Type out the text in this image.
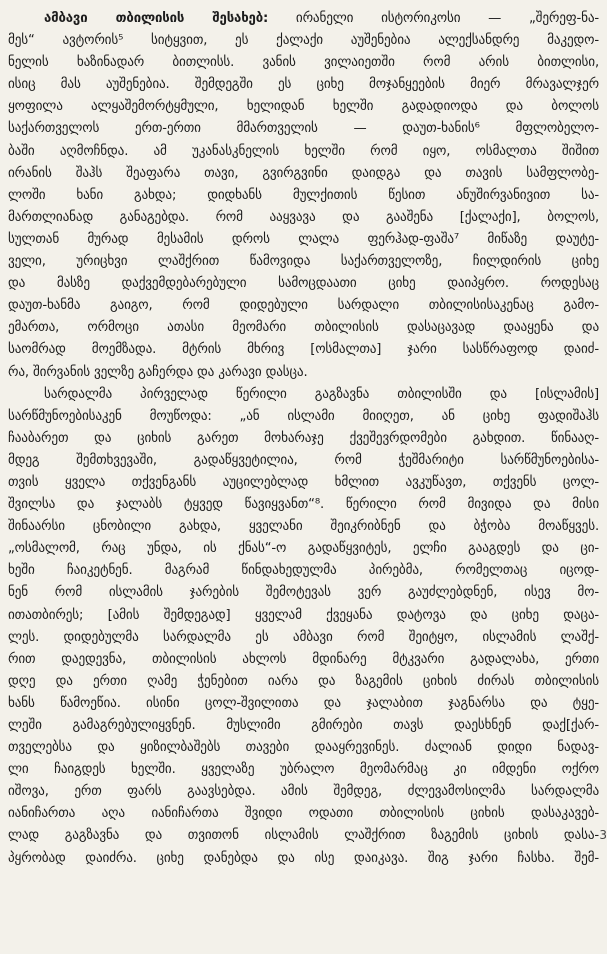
ამბავი თბილისის შესახებ: ირანელი ისტორიკოსი — „შერეფ-ნა-
მეს“ ავტორის⁵ სიტყვით, ეს ქალაქი აუშენებია ალექსანდრე მაკედო-
ნელის ხაზინადარ ბითლისს. ვანის ვილაიეთში რომ არის ბითლისი,
ისიც მას აუშენებია. შემდეგში ეს ციხე მოჯანყეების მიერ მრავალჯერ
ყოფილა ალყაშემორტყმული, ხელიდან ხელში გადადიოდა და ბოლოს
საქართველოს ერთ-ერთი მმართველის — დაუთ-ხანის⁶ მფლობელო-
ბაში აღმოჩნდა. ამ უკანასკნელის ხელში რომ იყო, ოსმალთა შიშით
ირანის შაჰს შეაფარა თავი, გვირგვინი დაიდგა და თავის სამფლობე-
ლოში ხანი გახდა; დიდხანს მულქითის წესით ანუშირვანივით სა-
მართლიანად განაგებდა. რომ ააყვავა და გააშენა [ქალაქი], ბოლოს,
სულთან მურად მესამის დროს ლალა ფერჰად-ფაშა⁷ მიწაზე დაუტე-
ველი, ურიცხვი ლაშქრით წამოვიდა საქართველოზე, ჩილდირის ციხე
და მასზე დაქვემდებარებული სამოცდაათი ციხე დაიპყრო. როდესაც
დაუთ-ხანმა გაიგო, რომ დიდებული სარდალი თბილისისაკენაც გამო-
ემართა, ორმოცი ათასი მეომარი თბილისის დასაცავად დააყენა და
საომრად მოემზადა. მტრის მხრივ [ოსმალთა] ჯარი სასწრაფოდ დაიძ-
რა, შირვანის ველზე გაჩერდა და კარავი დასცა.
სარდალმა პირველად წერილი გაგზავნა თბილისში და [ისლამის]
სარწმუნოებისაკენ მოუწოდა: „ან ისლამი მიიღეთ, ან ციხე ფადიშაჰს
ჩააბარეთ და ციხის გარეთ მოხარაჯე ქვეშევრდომები გახდით. წინააღ-
მდეგ შემთხვევაში, გადაწყვეტილია, რომ ჭეშმარიტი სარწმუნოებისა-
თვის ყველა თქვენგანს აუცილებლად ხმლით ავკუწავთ, თქვენს ცოლ-
შვილსა და ჯალაბს ტყვედ წავიყვანთ“⁸. წერილი რომ მივიდა და მისი
შინაარსი ცნობილი გახდა, ყველანი შეიკრიბნენ და ბჭობა მოაწყვეს.
„ოსმალომ, რაც უნდა, ის ქნას“-ო გადაწყვიტეს, ელჩი გააგდეს და ცი-
ხეში ჩაიკეტნენ. მაგრამ წინდახედულმა პირებმა, რომელთაც იცოდ-
ნენ რომ ისლამის ჯარების შემოტევას ვერ გაუძლებდნენ, ისევ მო-
ითათბირეს; [ამის შემდეგად] ყველამ ქვეყანა დატოვა და ციხე დაცა-
ლეს. დიდებულმა სარდალმა ეს ამბავი რომ შეიტყო, ისლამის ლაშქ-
რით დაედევნა, თბილისის ახლოს მდინარე მტკვარი გადალახა, ერთი
დღე და ერთი ღამე ჭენებით იარა და ზაგემის ციხის ძირას თბილისის
ხანს წამოეწია. ისინი ცოლ-შვილითა და ჯალაბით ჯაგნარსა და ტყე-
ლეში გამაგრებულიყვნენ. მუსლიმი გმირები თავს დაესხნენ დაქ[ქარ-
თველებსა და ყიზილბაშებს თავები დააყრევინეს. ძალიან დიდი ნადავ-
ლი ჩაიგდეს ხელში. ყველაზე უბრალო მეომარმაც კი იმდენი ოქრო
იშოვა, ერთ ფარს გაავსებდა. ამის შემდეგ, ძლევამოსილმა სარდალმა
იანიჩართა აღა იანიჩართა შვიდი ოდათი თბილისის ციხის დასაკავებ-
ლად გაგზავნა და თვითონ ისლამის ლაშქრით ზაგემის ციხის დასა-
პყრობად დაიძრა. ციხე დანებდა და ისე დაიკავა. შიგ ჯარი ჩასხა. შემ-
3
